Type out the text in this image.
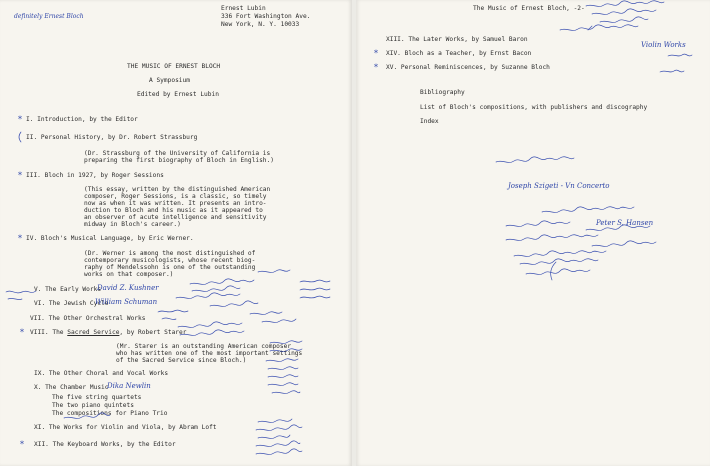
definitely Ernest Bloch
Ernest Lubin
336 Fort Washington Ave.
New York, N. Y. 10033
THE MUSIC OF ERNEST BLOCH
A Symposium
Edited by Ernest Lubin
* I. Introduction, by the Editor
II. Personal History, by Dr. Robert Strassburg
(Dr. Strassburg of the University of California is
preparing the first biography of Bloch in English.)
* III. Bloch in 1927, by Roger Sessions
(This essay, written by the distinguished American
composer, Roger Sessions, is a classic, so timely
now as when it was written. It presents an intro-
duction to Bloch and his music as it appeared to
an observer of acute intelligence and sensitivity
midway in Bloch's career.)
* IV. Bloch's Musical Language, by Eric Werner.
(Dr. Werner is among the most distinguished of
contemporary musicologists, whose recent biog-
raphy of Mendelssohn is one of the outstanding
works on that composer.)
V. The Early Works
David Z. Kushner
VI. The Jewish Cycle
William Schuman
VII. The Other Orchestral Works
* VIII. The Sacred Service, by Robert Starer
(Mr. Starer is an outstanding American composer
who has written one of the most important settings
of the Sacred Service since Bloch.)
IX. The Other Choral and Vocal Works
X. The Chamber Music
Dika Newlin
The five string quartets
The two piano quintets
The compositions for Piano Trio
XI. The Works for Violin and Viola, by Abram Loft
* XII. The Keyboard Works, by the Editor
The Music of Ernest Bloch, -2-
XIII. The Later Works, by Samuel Baron
* XIV. Bloch as a Teacher, by Ernst Bacon
* XV. Personal Reminiscences, by Suzanne Bloch
Bibliography
List of Bloch's compositions, with publishers and discography
Index
Joseph Szigeti - Vn Concerto
Peter S. Hansen
Violin Works
